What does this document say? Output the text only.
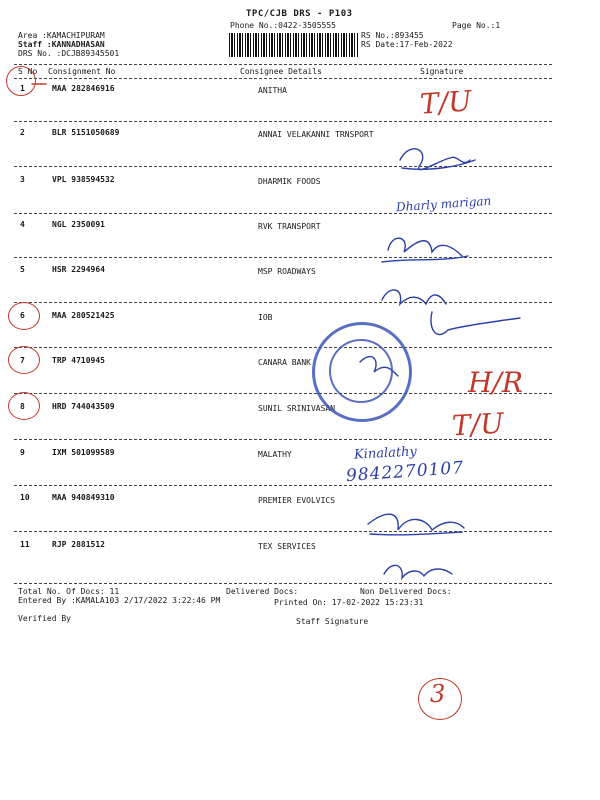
TPC/CJB DRS - P103
Phone No.:0422-3505555	Page No.:1
Area :KAMACHIPURAM
Staff :KANNADHASAN
DRS No. :DCJB89345501
RS No.:893455
RS Date:17-Feb-2022
S No Consignment No	Consignee Details	Signature
1	MAA 282846916	ANITHA
2	BLR 5151050689	ANNAI VELAKANNI TRNSPORT
3	VPL 938594532	DHARMIK FOODS
4	NGL 2350091	RVK TRANSPORT
5	HSR 2294964	MSP ROADWAYS
6	MAA 280521425	IOB
7	TRP 4710945	CANARA BANK
8	HRD 744043509	SUNIL SRINIVASAN
9	IXM 501099589	MALATHY
10	MAA 940849310	PREMIER EVOLVICS
11	RJP 2881512	TEX SERVICES
Total No. Of Docs: 11	Delivered Docs:	Non Delivered Docs:
Entered By :KAMALA103 2/17/2022 3:22:46 PM	Printed On: 17-02-2022 15:23:31
Verified By	Staff Signature
T/U
H/R
T/U
3
Dharly marigan
Kinalathy
9842270107
